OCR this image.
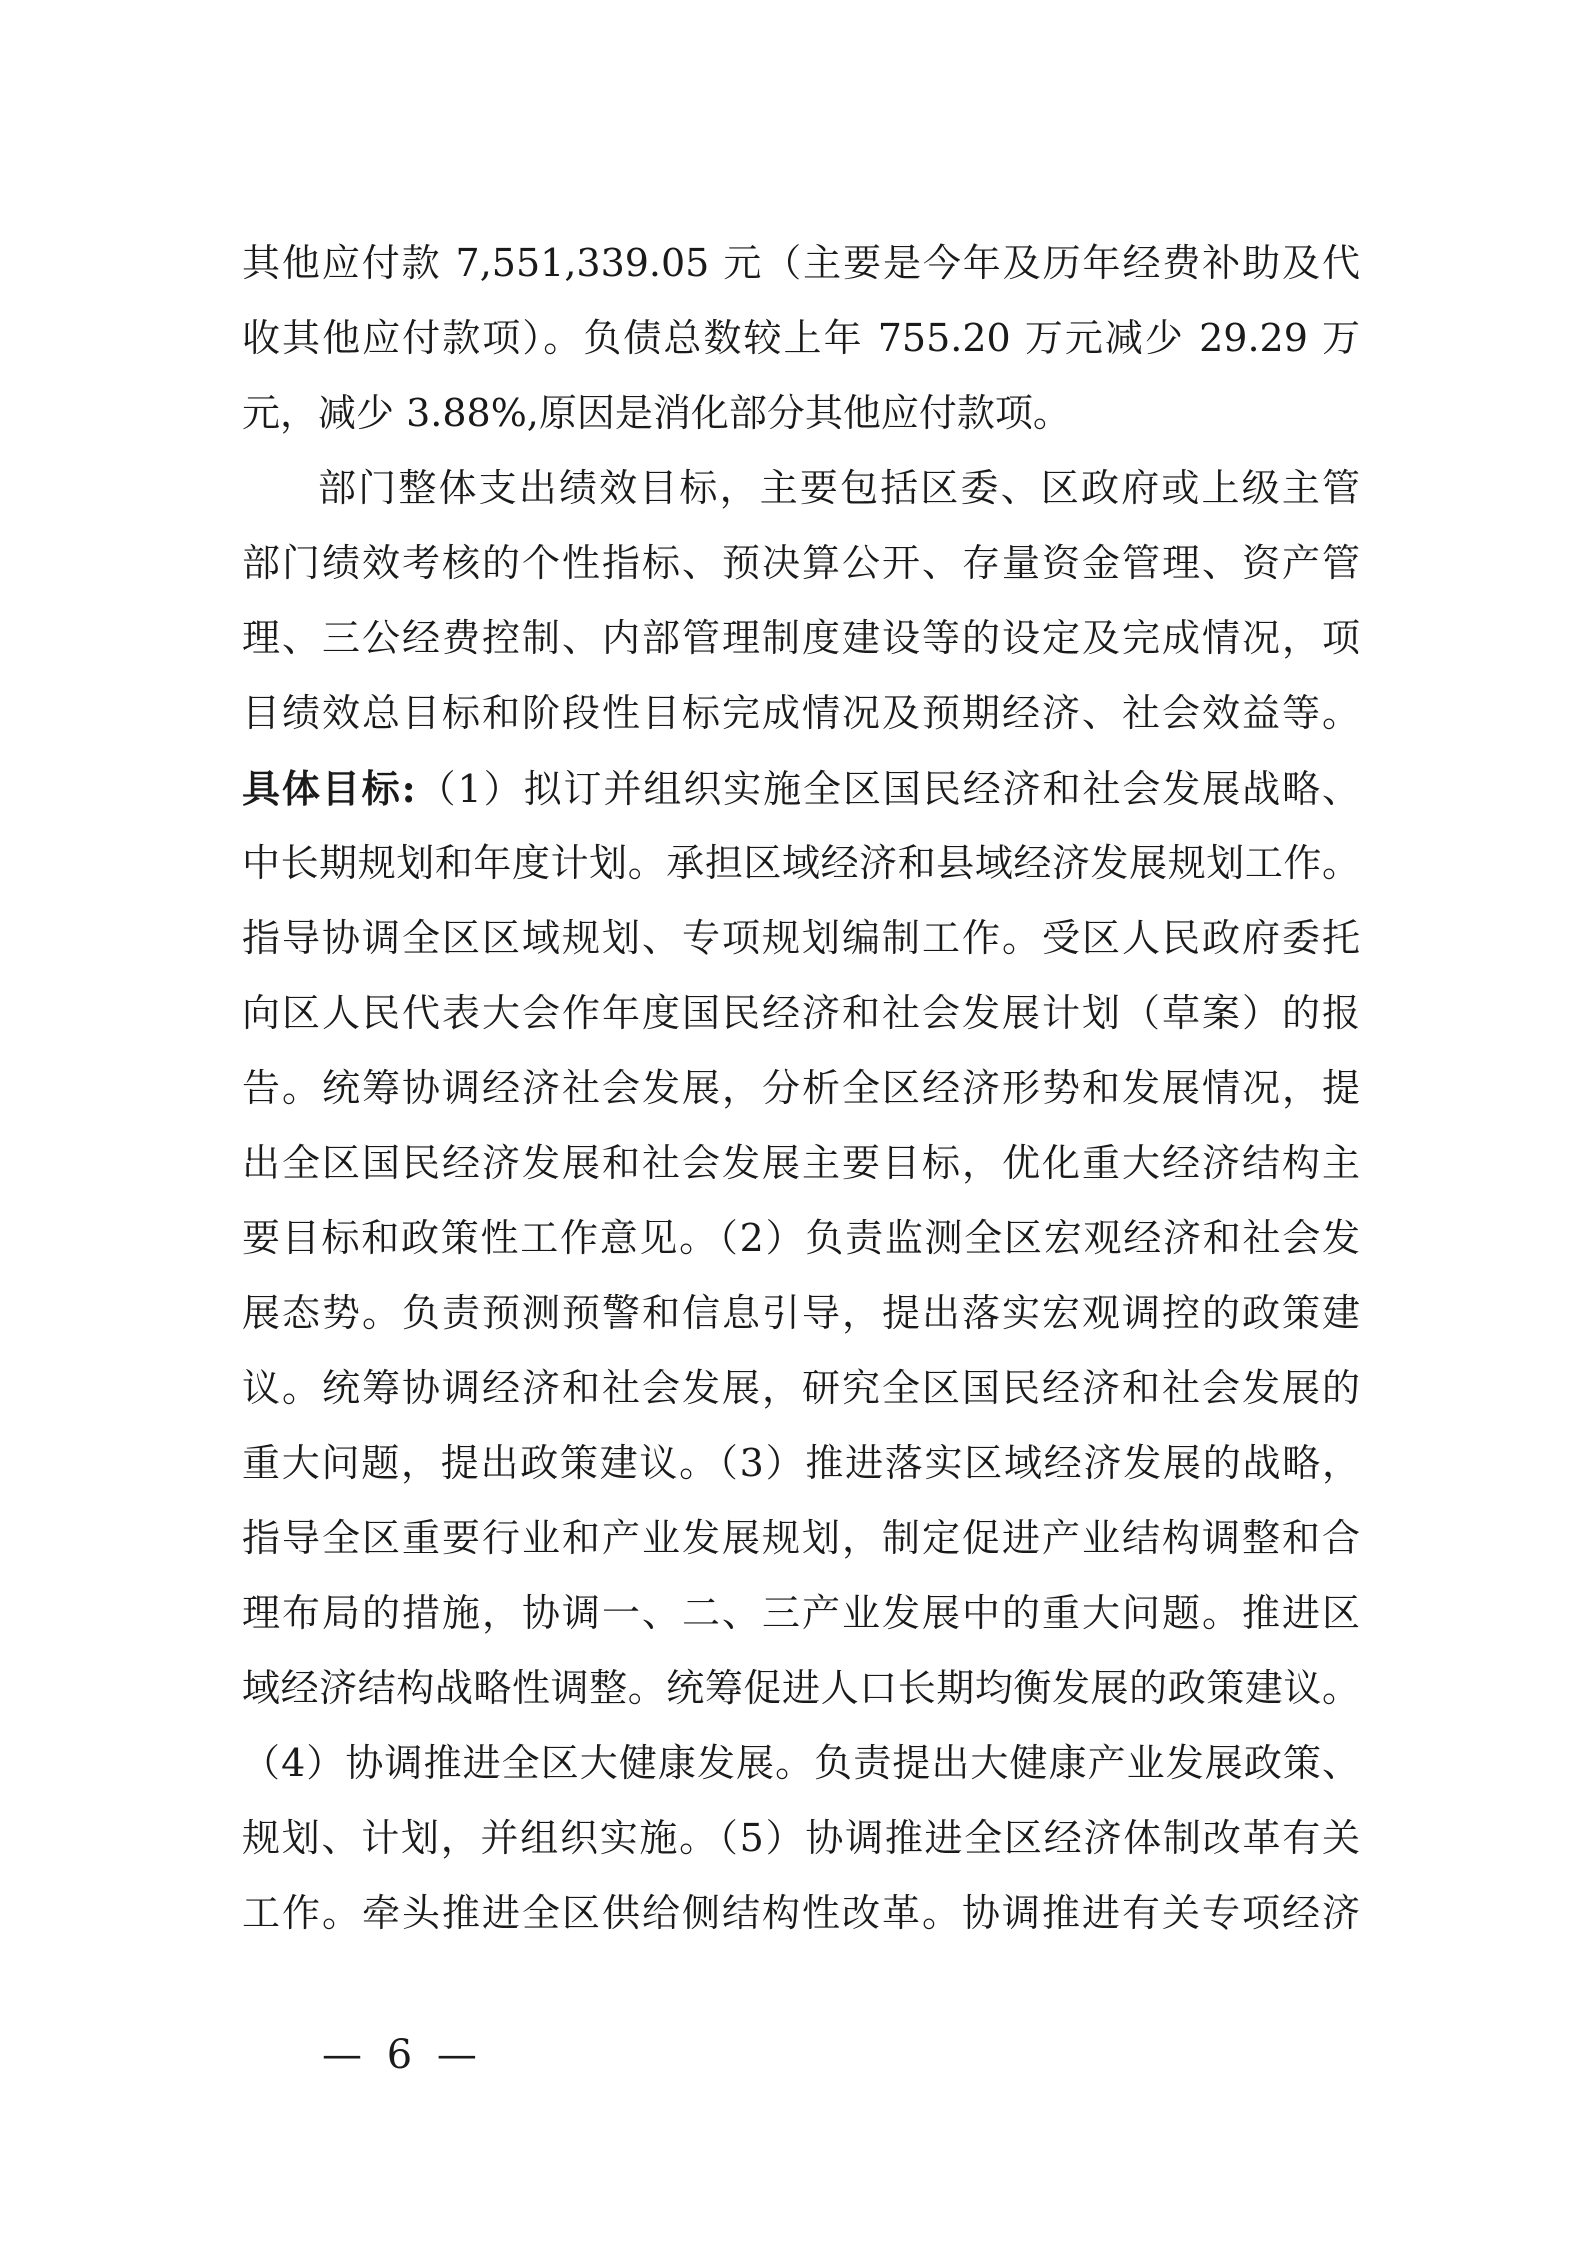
其他应付款 7,551,339.05 元（主要是今年及历年经费补助及代
收其他应付款项）。负债总数较上年 755.20 万元减少 29.29 万
元，减少 3.88%,原因是消化部分其他应付款项。
部门整体支出绩效目标，主要包括区委、区政府或上级主管
部门绩效考核的个性指标、预决算公开、存量资金管理、资产管
理、三公经费控制、内部管理制度建设等的设定及完成情况，项
目绩效总目标和阶段性目标完成情况及预期经济、社会效益等。
具体目标:（1）拟订并组织实施全区国民经济和社会发展战略、
中长期规划和年度计划。承担区域经济和县域经济发展规划工作。
指导协调全区区域规划、专项规划编制工作。受区人民政府委托
向区人民代表大会作年度国民经济和社会发展计划（草案）的报
告。统筹协调经济社会发展，分析全区经济形势和发展情况，提
出全区国民经济发展和社会发展主要目标，优化重大经济结构主
要目标和政策性工作意见。（2）负责监测全区宏观经济和社会发
展态势。负责预测预警和信息引导，提出落实宏观调控的政策建
议。统筹协调经济和社会发展，研究全区国民经济和社会发展的
重大问题，提出政策建议。（3）推进落实区域经济发展的战略，
指导全区重要行业和产业发展规划，制定促进产业结构调整和合
理布局的措施，协调一、二、三产业发展中的重大问题。推进区
域经济结构战略性调整。统筹促进人口长期均衡发展的政策建议。
（4）协调推进全区大健康发展。负责提出大健康产业发展政策、
规划、计划，并组织实施。（5）协调推进全区经济体制改革有关
工作。牵头推进全区供给侧结构性改革。协调推进有关专项经济
— 6 —
